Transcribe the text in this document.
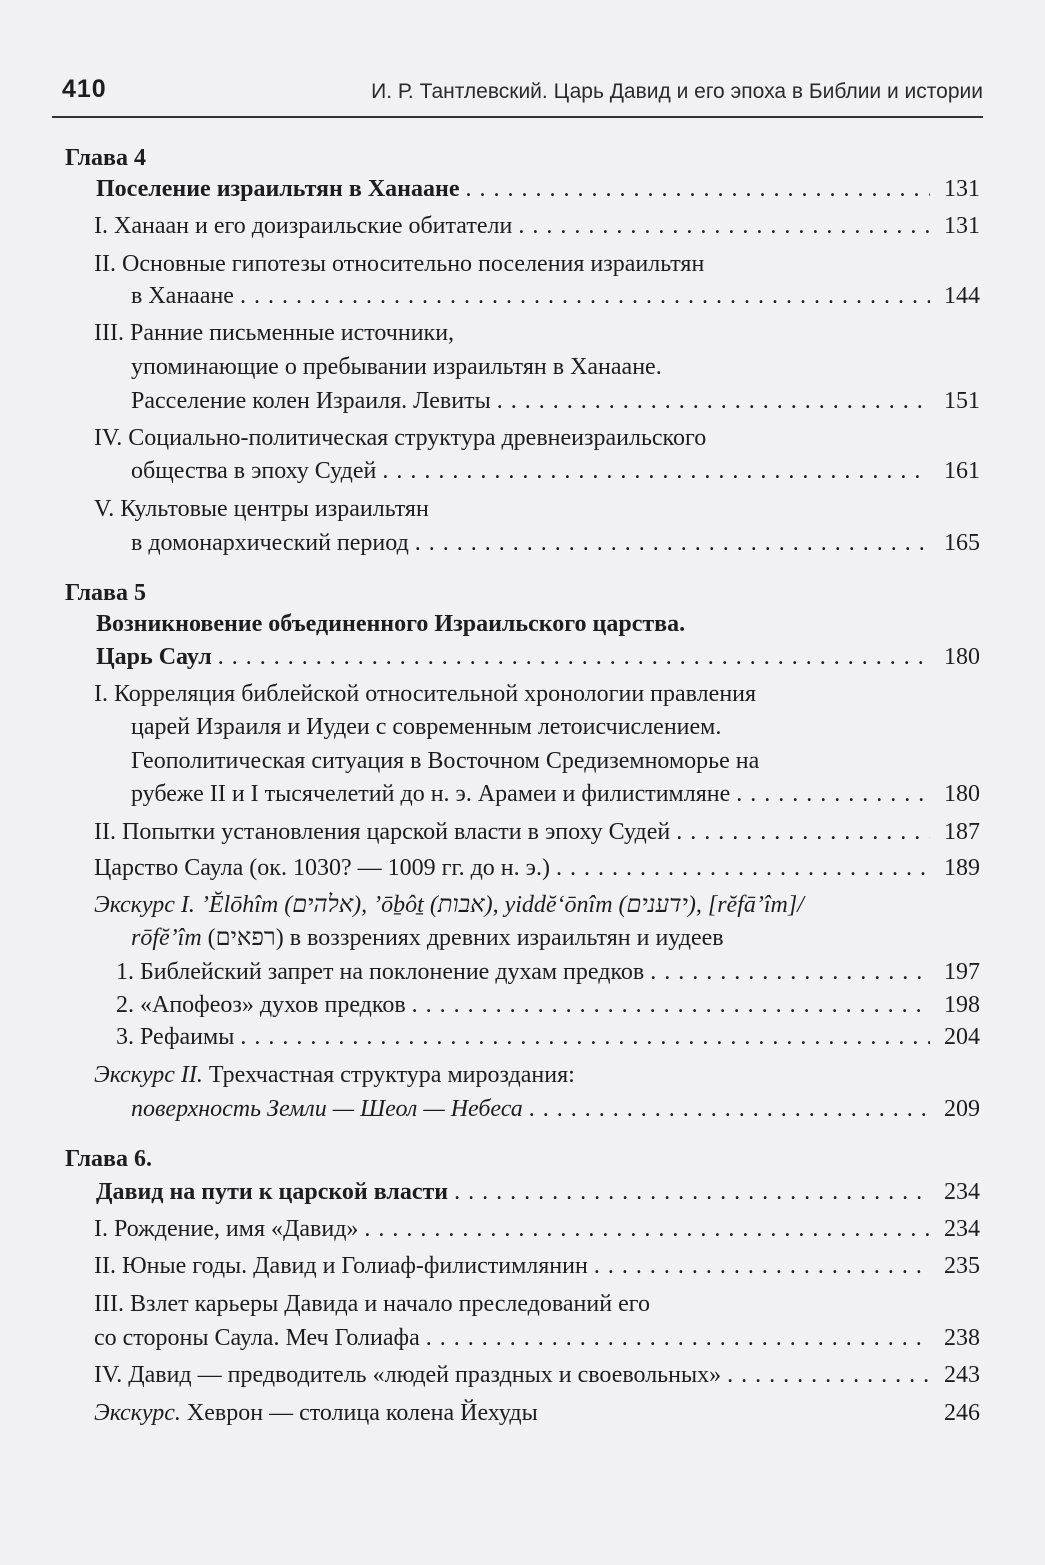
410	И. Р. Тантлевский. Царь Давид и его эпоха в Библии и истории
Глава 4
Поселение израильтян в Ханаане . . .	131
I. Ханаан и его доизраильские обитатели . . .	131
II. Основные гипотезы относительно поселения израильтян
в Ханаане . . .	144
III. Ранние письменные источники,
упоминающие о пребывании израильтян в Ханаане.
Расселение колен Израиля. Левиты . . .	151
IV. Социально-политическая структура древнеизраильского
общества в эпоху Судей . . .	161
V. Культовые центры израильтян
в домонархический период . . .	165
Глава 5
Возникновение объединенного Израильского царства.
Царь Саул . . .	180
I. Корреляция библейской относительной хронологии правления
царей Израиля и Иудеи с современным летоисчислением.
Геополитическая ситуация в Восточном Средиземноморье на
рубеже II и I тысячелетий до н. э. Арамеи и филистимляне . . .	180
II. Попытки установления царской власти в эпоху Судей . . .	187
Царство Саула (ок. 1030? — 1009 гг. до н. э.) . . .	189
Экскурс I. ’Ĕlōhîm (אלהים), ’ōḇôṯ (אבות), yiddĕ‘ōnîm (ידענים), [rĕfā’îm]/
rōfĕ’îm (רפאים) в воззрениях древних израильтян и иудеев
1. Библейский запрет на поклонение духам предков . . .	197
2. «Апофеоз» духов предков . . .	198
3. Рефаимы . . .	204
Экскурс II. Трехчастная структура мироздания:
поверхность Земли — Шеол — Небеса . . .	209
Глава 6.
Давид на пути к царской власти . . .	234
I. Рождение, имя «Давид» . . .	234
II. Юные годы. Давид и Голиаф-филистимлянин . . .	235
III. Взлет карьеры Давида и начало преследований его
со стороны Саула. Меч Голиафа . . .	238
IV. Давид — предводитель «людей праздных и своевольных» . . .	243
Экскурс. Хеврон — столица колена Йехуды	246
